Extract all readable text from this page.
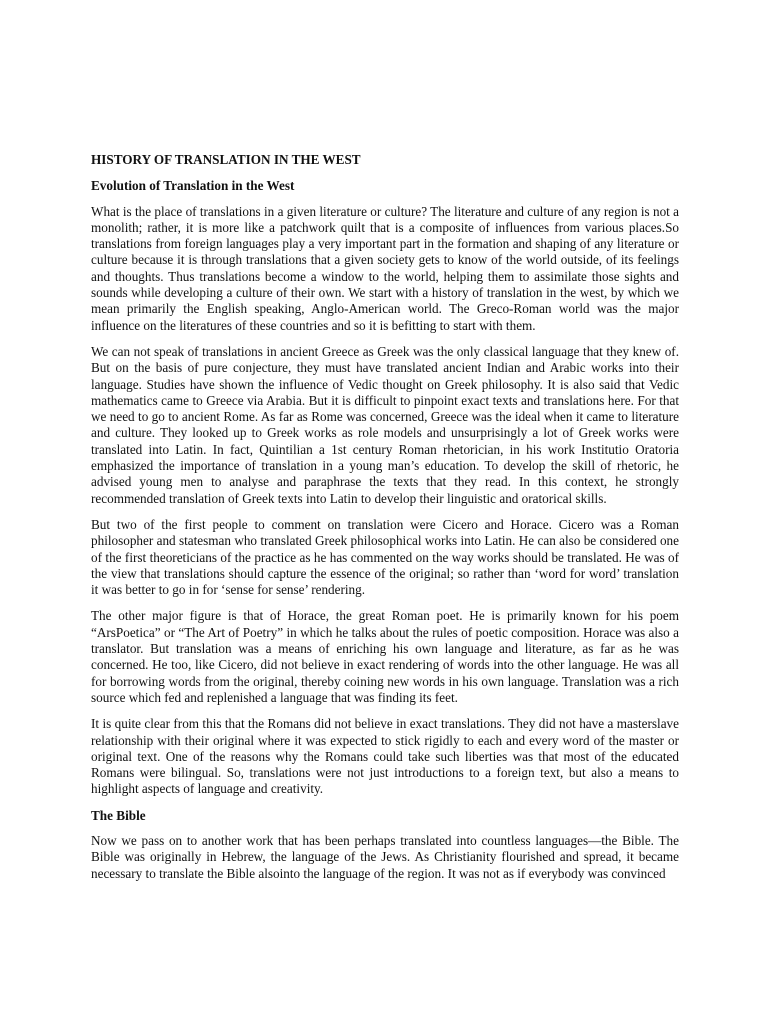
HISTORY OF TRANSLATION IN THE WEST
Evolution of Translation in the West

What is the place of translations in a given literature or culture? The literature and culture of any region is not a monolith; rather, it is more like a patchwork quilt that is a composite of influences from various places.So translations from foreign languages play a very important part in the formation and shaping of any literature or culture because it is through translations that a given society gets to know of the world outside, of its feelings and thoughts. Thus translations become a window to the world, helping them to assimilate those sights and sounds while developing a culture of their own. We start with a history of translation in the west, by which we mean primarily the English speaking, Anglo-American world. The Greco-Roman world was the major influence on the literatures of these countries and so it is befitting to start with them.

We can not speak of translations in ancient Greece as Greek was the only classical language that they knew of. But on the basis of pure conjecture, they must have translated ancient Indian and Arabic works into their language. Studies have shown the influence of Vedic thought on Greek philosophy. It is also said that Vedic mathematics came to Greece via Arabia. But it is difficult to pinpoint exact texts and translations here. For that we need to go to ancient Rome. As far as Rome was concerned, Greece was the ideal when it came to literature and culture. They looked up to Greek works as role models and unsurprisingly a lot of Greek works were translated into Latin. In fact, Quintilian a 1st century Roman rhetorician, in his work Institutio Oratoria emphasized the importance of translation in a young man’s education. To develop the skill of rhetoric, he advised young men to analyse and paraphrase the texts that they read. In this context, he strongly recommended translation of Greek texts into Latin to develop their linguistic and oratorical skills.

But two of the first people to comment on translation were Cicero and Horace. Cicero was a Roman philosopher and statesman who translated Greek philosophical works into Latin. He can also be considered one of the first theoreticians of the practice as he has commented on the way works should be translated. He was of the view that translations should capture the essence of the original; so rather than ‘word for word’ translation it was better to go in for ‘sense for sense’ rendering.

The other major figure is that of Horace, the great Roman poet. He is primarily known for his poem “ArsPoetica” or “The Art of Poetry” in which he talks about the rules of poetic composition. Horace was also a translator. But translation was a means of enriching his own language and literature, as far as he was concerned. He too, like Cicero, did not believe in exact rendering of words into the other language. He was all for borrowing words from the original, thereby coining new words in his own language. Translation was a rich source which fed and replenished a language that was finding its feet.

It is quite clear from this that the Romans did not believe in exact translations. They did not have a masterslave relationship with their original where it was expected to stick rigidly to each and every word of the master or original text. One of the reasons why the Romans could take such liberties was that most of the educated Romans were bilingual. So, translations were not just introductions to a foreign text, but also a means to highlight aspects of language and creativity.

The Bible

Now we pass on to another work that has been perhaps translated into countless languages—the Bible. The Bible was originally in Hebrew, the language of the Jews. As Christianity flourished and spread, it became necessary to translate the Bible alsointo the language of the region. It was not as if everybody was convinced
